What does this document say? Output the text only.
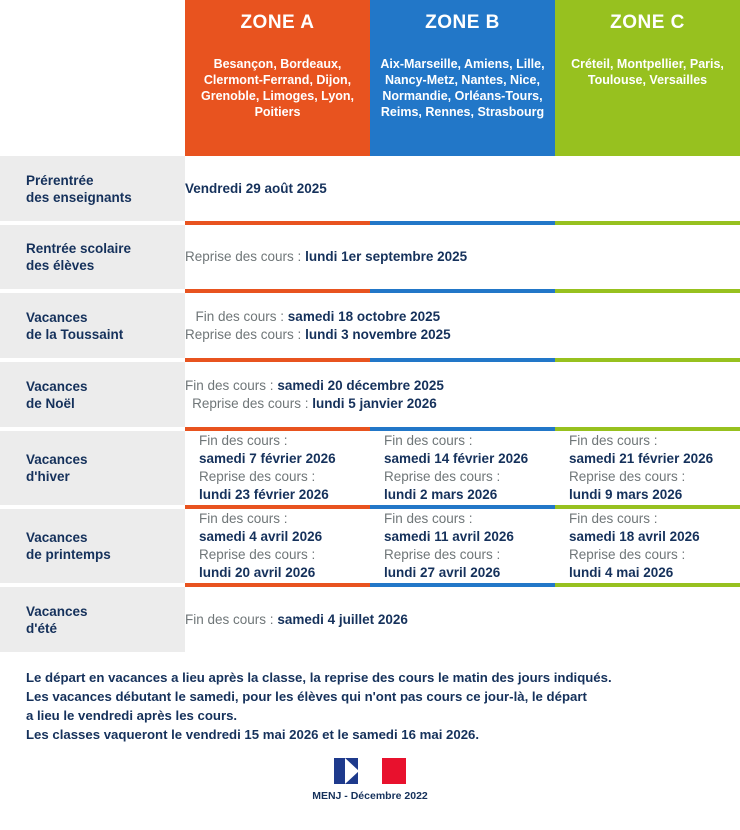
ZONE A	ZONE B	ZONE C
Besançon, Bordeaux, Clermont-Ferrand, Dijon, Grenoble, Limoges, Lyon, Poitiers
Aix-Marseille, Amiens, Lille, Nancy-Metz, Nantes, Nice, Normandie, Orléans-Tours, Reims, Rennes, Strasbourg
Créteil, Montpellier, Paris, Toulouse, Versailles
Prérentrée
des enseignants
Vendredi 29 août 2025
Rentrée scolaire
des élèves
Reprise des cours : lundi 1er septembre 2025
Vacances
de la Toussaint
Fin des cours : samedi 18 octobre 2025
Reprise des cours : lundi 3 novembre 2025
Vacances
de Noël
Fin des cours : samedi 20 décembre 2025
Reprise des cours : lundi 5 janvier 2026
Vacances
d'hiver
Fin des cours :
samedi 7 février 2026
Reprise des cours :
lundi 23 février 2026
Fin des cours :
samedi 14 février 2026
Reprise des cours :
lundi 2 mars 2026
Fin des cours :
samedi 21 février 2026
Reprise des cours :
lundi 9 mars 2026
Vacances
de printemps
Fin des cours :
samedi 4 avril 2026
Reprise des cours :
lundi 20 avril 2026
Fin des cours :
samedi 11 avril 2026
Reprise des cours :
lundi 27 avril 2026
Fin des cours :
samedi 18 avril 2026
Reprise des cours :
lundi 4 mai 2026
Vacances
d'été
Fin des cours : samedi 4 juillet 2026
Le départ en vacances a lieu après la classe, la reprise des cours le matin des jours indiqués.
Les vacances débutant le samedi, pour les élèves qui n'ont pas cours ce jour-là, le départ
a lieu le vendredi après les cours.
Les classes vaqueront le vendredi 15 mai 2026 et le samedi 16 mai 2026.
MENJ - Décembre 2022
